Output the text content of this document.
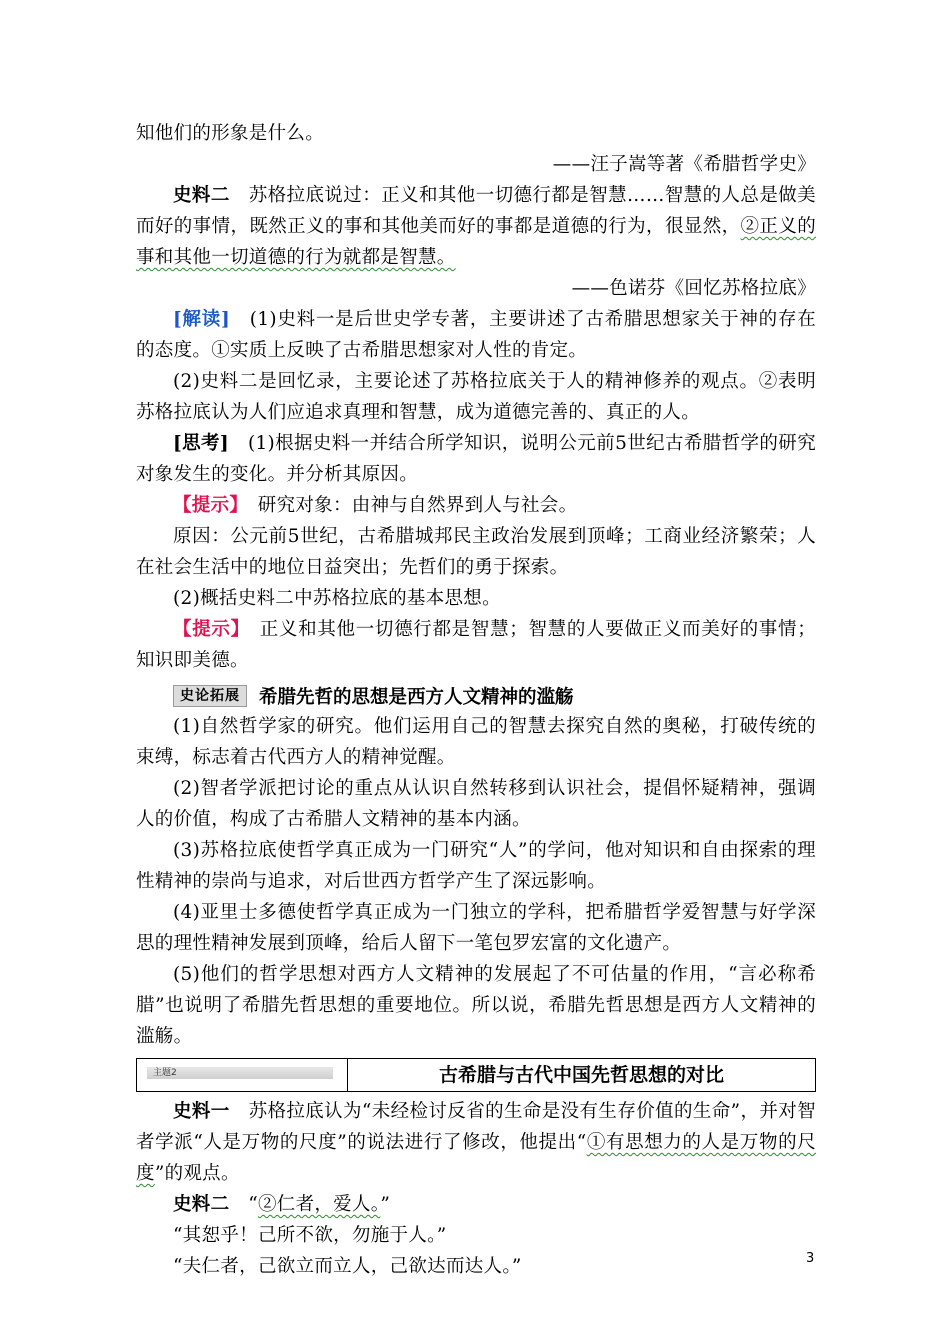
知他们的形象是什么。

——汪子嵩等著《希腊哲学史》

史料二　 苏格拉底说过：正义和其他一切德行都是智慧……智慧的人总是做美而好的事情，既然正义的事和其他美而好的事都是道德的行为，很显然，②正义的事和其他一切道德的行为就都是智慧。

——色诺芬《回忆苏格拉底》

[解读]　 (1)史料一是后世史学专著，主要讲述了古希腊思想家关于神的存在的态度。①实质上反映了古希腊思想家对人性的肯定。

(2)史料二是回忆录，主要论述了苏格拉底关于人的精神修养的观点。②表明苏格拉底认为人们应追求真理和智慧，成为道德完善的、真正的人。

[思考]　 (1)根据史料一并结合所学知识，说明公元前5世纪古希腊哲学的研究对象发生的变化。并分析其原因。

【提示】　 研究对象：由神与自然界到人与社会。

原因：公元前5世纪，古希腊城邦民主政治发展到顶峰；工商业经济繁荣；人在社会生活中的地位日益突出；先哲们的勇于探索。

(2)概括史料二中苏格拉底的基本思想。

【提示】　 正义和其他一切德行都是智慧；智慧的人要做正义而美好的事情；知识即美德。

史论拓展	希腊先哲的思想是西方人文精神的滥觞

(1)自然哲学家的研究。他们运用自己的智慧去探究自然的奥秘，打破传统的束缚，标志着古代西方人的精神觉醒。

(2)智者学派把讨论的重点从认识自然转移到认识社会，提倡怀疑精神，强调人的价值，构成了古希腊人文精神的基本内涵。

(3)苏格拉底使哲学真正成为一门研究“人”的学问，他对知识和自由探索的理性精神的崇尚与追求，对后世西方哲学产生了深远影响。

(4)亚里士多德使哲学真正成为一门独立的学科，把希腊哲学爱智慧与好学深思的理性精神发展到顶峰，给后人留下一笔包罗宏富的文化遗产。

(5)他们的哲学思想对西方人文精神的发展起了不可估量的作用，“言必称希腊”也说明了希腊先哲思想的重要地位。所以说，希腊先哲思想是西方人文精神的滥觞。

主题2	古希腊与古代中国先哲思想的对比

史料一　 苏格拉底认为“未经检讨反省的生命是没有生存价值的生命”，并对智者学派“人是万物的尺度”的说法进行了修改，他提出“①有思想力的人是万物的尺度”的观点。

史料二　 “②仁者，爱人。”

“其恕乎！己所不欲，勿施于人。”

“夫仁者，己欲立而立人，己欲达而达人。”	3
